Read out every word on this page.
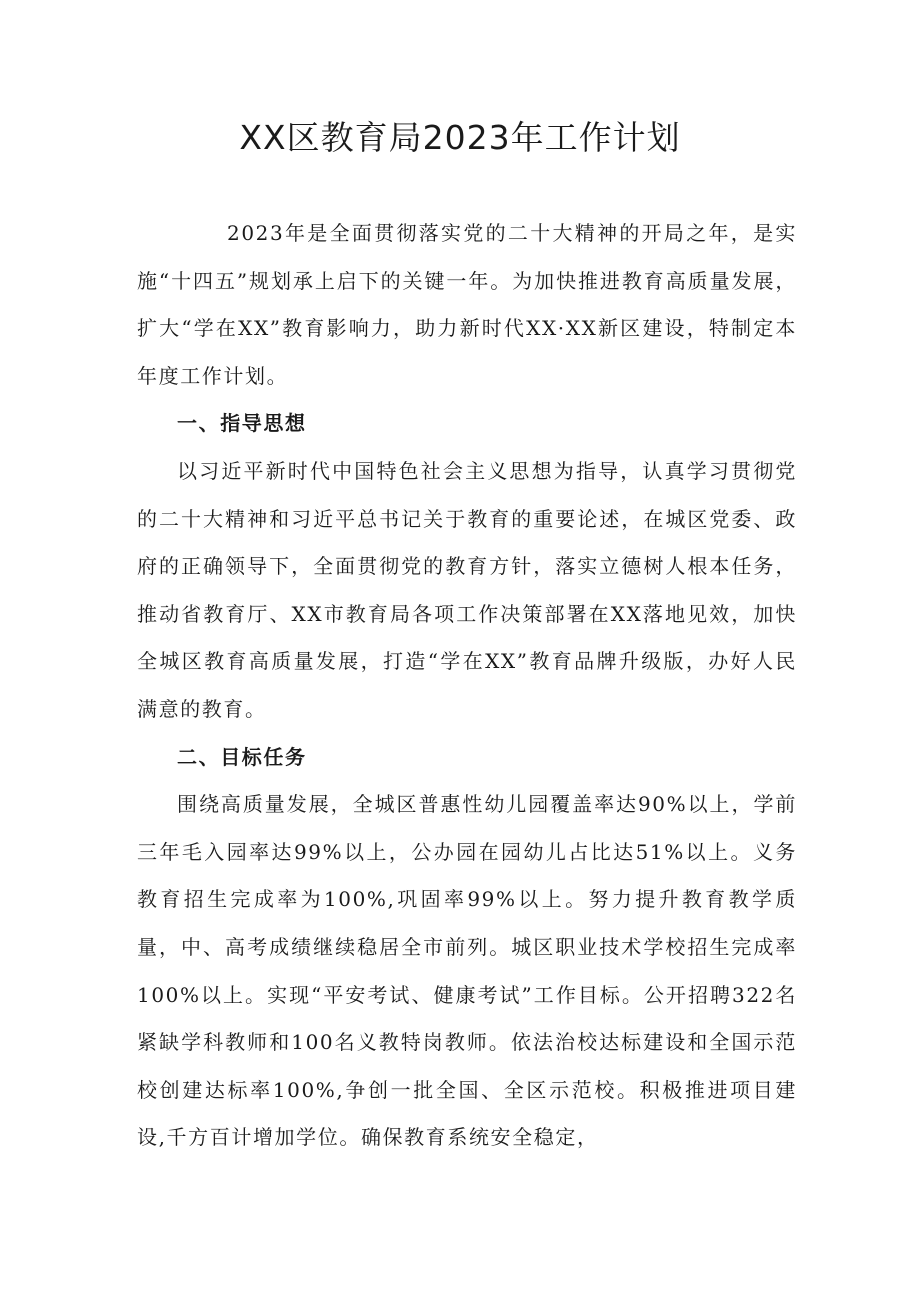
XX区教育局2023年工作计划

2023年是全面贯彻落实党的二十大精神的开局之年，是实施“十四五”规划承上启下的关键一年。为加快推进教育高质量发展，扩大“学在XX”教育影响力，助力新时代XX·XX新区建设，特制定本年度工作计划。

一、指导思想

以习近平新时代中国特色社会主义思想为指导，认真学习贯彻党的二十大精神和习近平总书记关于教育的重要论述，在城区党委、政府的正确领导下，全面贯彻党的教育方针，落实立德树人根本任务，推动省教育厅、XX市教育局各项工作决策部署在XX落地见效，加快全城区教育高质量发展，打造“学在XX”教育品牌升级版，办好人民满意的教育。

二、目标任务

围绕高质量发展，全城区普惠性幼儿园覆盖率达90%以上，学前三年毛入园率达99%以上，公办园在园幼儿占比达51%以上。义务教育招生完成率为100%,巩固率99%以上。努力提升教育教学质量，中、高考成绩继续稳居全市前列。城区职业技术学校招生完成率100%以上。实现“平安考试、健康考试”工作目标。公开招聘322名紧缺学科教师和100名义教特岗教师。依法治校达标建设和全国示范校创建达标率100%,争创一批全国、全区示范校。积极推进项目建设,千方百计增加学位。确保教育系统安全稳定，
